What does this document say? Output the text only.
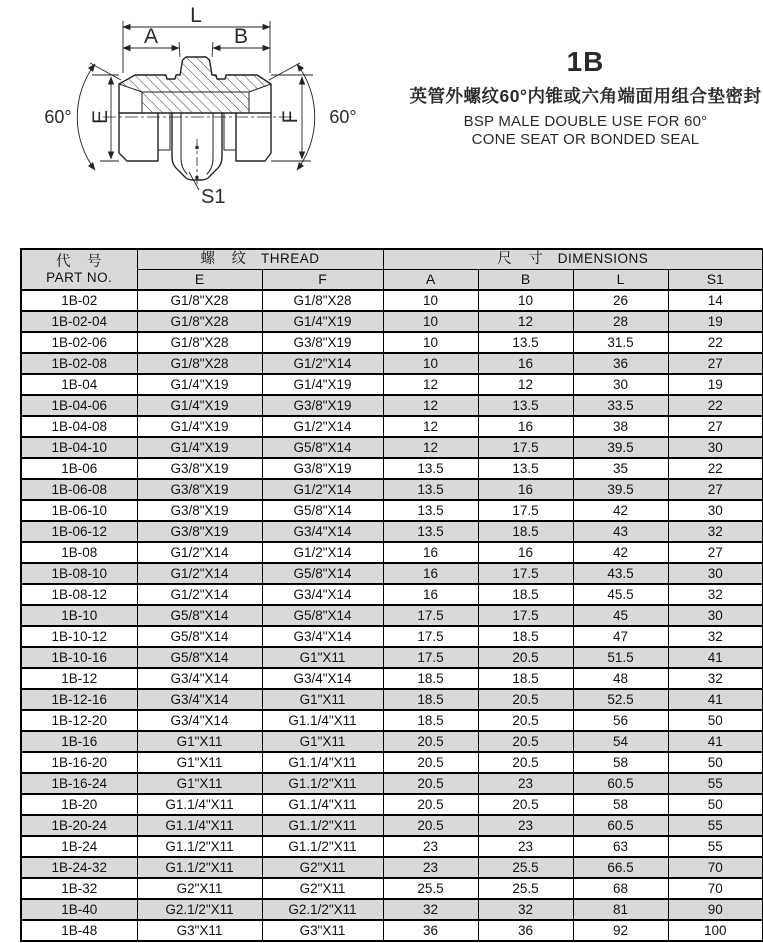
L
A	B
E	F
60°	60°
S1
1B
英管外螺纹60°内锥或六角端面用组合垫密封
BSP MALE DOUBLE USE FOR 60°
CONE SEAT OR BONDED SEAL
代　号
PART NO.	螺　纹 THREAD		尺　寸 DIMENSIONS			
	E	F	A	B	L	S1
1B-02	G1/8"X28	G1/8"X28	10	10	26	14
1B-02-04	G1/8"X28	G1/4"X19	10	12	28	19
1B-02-06	G1/8"X28	G3/8"X19	10	13.5	31.5	22
1B-02-08	G1/8"X28	G1/2"X14	10	16	36	27
1B-04	G1/4"X19	G1/4"X19	12	12	30	19
1B-04-06	G1/4"X19	G3/8"X19	12	13.5	33.5	22
1B-04-08	G1/4"X19	G1/2"X14	12	16	38	27
1B-04-10	G1/4"X19	G5/8"X14	12	17.5	39.5	30
1B-06	G3/8"X19	G3/8"X19	13.5	13.5	35	22
1B-06-08	G3/8"X19	G1/2"X14	13.5	16	39.5	27
1B-06-10	G3/8"X19	G5/8"X14	13.5	17.5	42	30
1B-06-12	G3/8"X19	G3/4"X14	13.5	18.5	43	32
1B-08	G1/2"X14	G1/2"X14	16	16	42	27
1B-08-10	G1/2"X14	G5/8"X14	16	17.5	43.5	30
1B-08-12	G1/2"X14	G3/4"X14	16	18.5	45.5	32
1B-10	G5/8"X14	G5/8"X14	17.5	17.5	45	30
1B-10-12	G5/8"X14	G3/4"X14	17.5	18.5	47	32
1B-10-16	G5/8"X14	G1"X11	17.5	20.5	51.5	41
1B-12	G3/4"X14	G3/4"X14	18.5	18.5	48	32
1B-12-16	G3/4"X14	G1"X11	18.5	20.5	52.5	41
1B-12-20	G3/4"X14	G1.1/4"X11	18.5	20.5	56	50
1B-16	G1"X11	G1"X11	20.5	20.5	54	41
1B-16-20	G1"X11	G1.1/4"X11	20.5	20.5	58	50
1B-16-24	G1"X11	G1.1/2"X11	20.5	23	60.5	55
1B-20	G1.1/4"X11	G1.1/4"X11	20.5	20.5	58	50
1B-20-24	G1.1/4"X11	G1.1/2"X11	20.5	23	60.5	55
1B-24	G1.1/2"X11	G1.1/2"X11	23	23	63	55
1B-24-32	G1.1/2"X11	G2"X11	23	25.5	66.5	70
1B-32	G2"X11	G2"X11	25.5	25.5	68	70
1B-40	G2.1/2"X11	G2.1/2"X11	32	32	81	90
1B-48	G3"X11	G3"X11	36	36	92	100
